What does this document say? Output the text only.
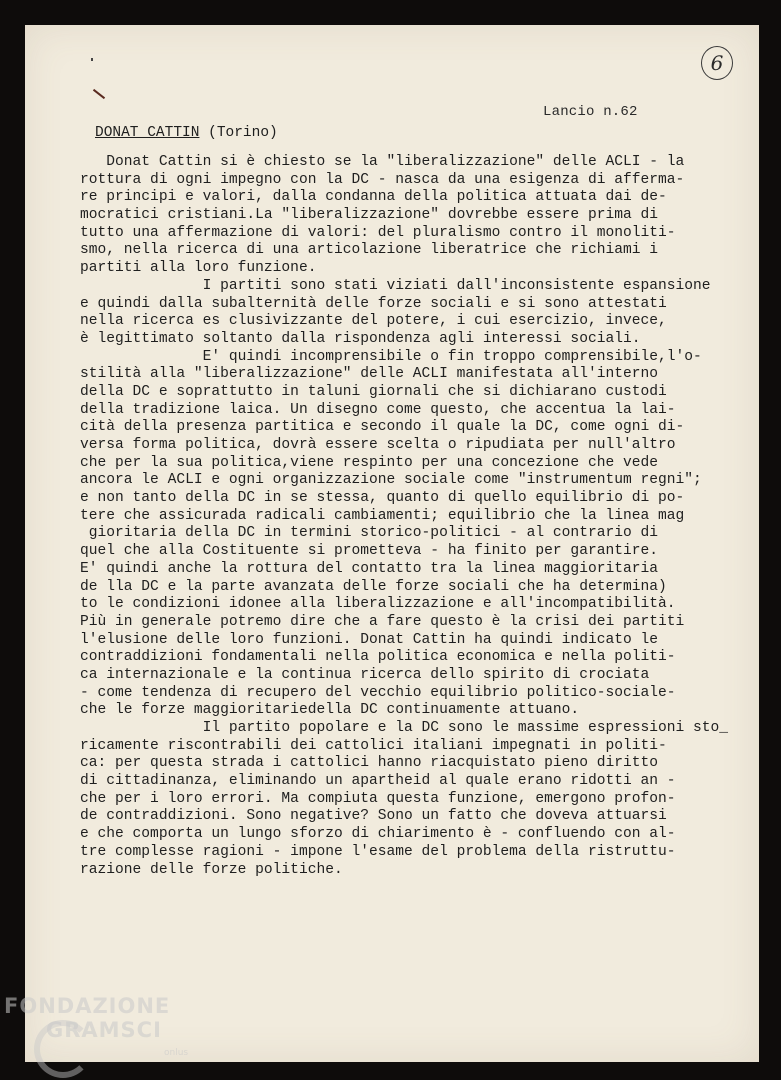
6
Lancio n.62
DONAT CATTIN (Torino)
Donat Cattin si è chiesto se la "liberalizzazione" delle ACLI - la
rottura di ogni impegno con la DC - nasca da una esigenza di afferma-
re principi e valori, dalla condanna della politica attuata dai de-
mocratici cristiani.La "liberalizzazione" dovrebbe essere prima di
tutto una affermazione di valori: del pluralismo contro il monoliti-
smo, nella ricerca di una articolazione liberatrice che richiami i
partiti alla loro funzione.
I partiti sono stati viziati dall'inconsistente espansione
e quindi dalla subalternità delle forze sociali e si sono attestati
nella ricerca es clusivizzante del potere, i cui esercizio, invece,
è legittimato soltanto dalla rispondenza agli interessi sociali.
E' quindi incomprensibile o fin troppo comprensibile,l'o-
stilità alla "liberalizzazione" delle ACLI manifestata all'interno
della DC e soprattutto in taluni giornali che si dichiarano custodi
della tradizione laica. Un disegno come questo, che accentua la lai-
cità della presenza partitica e secondo il quale la DC, come ogni di-
versa forma politica, dovrà essere scelta o ripudiata per null'altro
che per la sua politica,viene respinto per una concezione che vede
ancora le ACLI e ogni organizzazione sociale come "instrumentum regni";
e non tanto della DC in se stessa, quanto di quello equilibrio di po-
tere che assicurada radicali cambiamenti; equilibrio che la linea mag
gioritaria della DC in termini storico-politici - al contrario di
quel che alla Costituente si prometteva - ha finito per garantire.
E' quindi anche la rottura del contatto tra la linea maggioritaria
de lla DC e la parte avanzata delle forze sociali che ha determina)
to le condizioni idonee alla liberalizzazione e all'incompatibilità.
Più in generale potremo dire che a fare questo è la crisi dei partiti
l'elusione delle loro funzioni. Donat Cattin ha quindi indicato le
contraddizioni fondamentali nella politica economica e nella politi-
ca internazionale e la continua ricerca dello spirito di crociata
- come tendenza di recupero del vecchio equilibrio politico-sociale-
che le forze maggioritariedella DC continuamente attuano.
Il partito popolare e la DC sono le massime espressioni sto_
ricamente riscontrabili dei cattolici italiani impegnati in politi-
ca: per questa strada i cattolici hanno riacquistato pieno diritto
di cittadinanza, eliminando un apartheid al quale erano ridotti an -
che per i loro errori. Ma compiuta questa funzione, emergono profon-
de contraddizioni. Sono negative? Sono un fatto che doveva attuarsi
e che comporta un lungo sforzo di chiarimento è - confluendo con al-
tre complesse ragioni - impone l'esame del problema della ristruttu-
razione delle forze politiche.
FONDAZIONE
GRAMSCI
onlus
